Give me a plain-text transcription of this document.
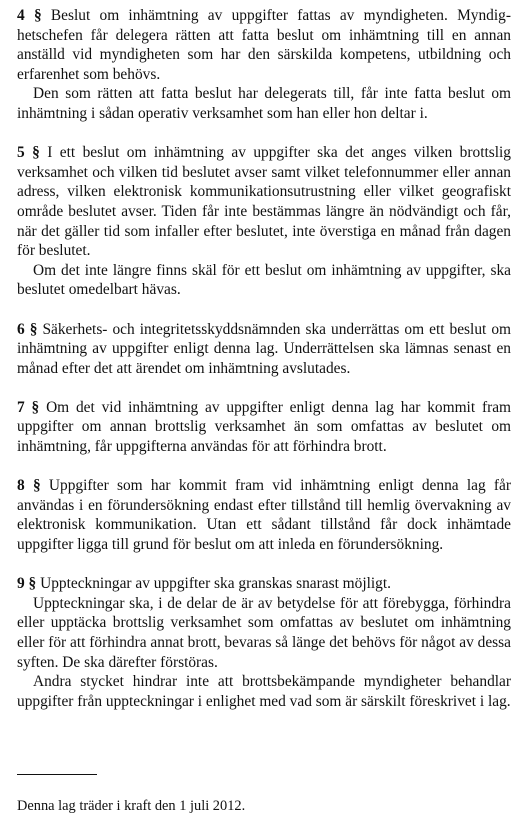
4 § Beslut om inhämtning av uppgifter fattas av myndigheten. Myndighetschefen får delegera rätten att fatta beslut om inhämtning till en annan anställd vid myndigheten som har den särskilda kompetens, utbildning och erfarenhet som behövs.

Den som rätten att fatta beslut har delegerats till, får inte fatta beslut om inhämtning i sådan operativ verksamhet som han eller hon deltar i.

5 § I ett beslut om inhämtning av uppgifter ska det anges vilken brottslig verksamhet och vilken tid beslutet avser samt vilket telefonnummer eller annan adress, vilken elektronisk kommunikationsutrustning eller vilket geografiskt område beslutet avser. Tiden får inte bestämmas längre än nödvändigt och får, när det gäller tid som infaller efter beslutet, inte överstiga en månad från dagen för beslutet.

Om det inte längre finns skäl för ett beslut om inhämtning av uppgifter, ska beslutet omedelbart hävas.

6 § Säkerhets- och integritetsskyddsnämnden ska underrättas om ett beslut om inhämtning av uppgifter enligt denna lag. Underrättelsen ska lämnas senast en månad efter det att ärendet om inhämtning avslutades.

7 § Om det vid inhämtning av uppgifter enligt denna lag har kommit fram uppgifter om annan brottslig verksamhet än som omfattas av beslutet om inhämtning, får uppgifterna användas för att förhindra brott.

8 § Uppgifter som har kommit fram vid inhämtning enligt denna lag får användas i en förundersökning endast efter tillstånd till hemlig övervakning av elektronisk kommunikation. Utan ett sådant tillstånd får dock inhämtade uppgifter ligga till grund för beslut om att inleda en förundersökning.

9 § Uppteckningar av uppgifter ska granskas snarast möjligt.

Uppteckningar ska, i de delar de är av betydelse för att förebygga, förhindra eller upptäcka brottslig verksamhet som omfattas av beslutet om inhämtning eller för att förhindra annat brott, bevaras så länge det behövs för något av dessa syften. De ska därefter förstöras.

Andra stycket hindrar inte att brottsbekämpande myndigheter behandlar uppgifter från uppteckningar i enlighet med vad som är särskilt föreskrivet i lag.

Denna lag träder i kraft den 1 juli 2012.
